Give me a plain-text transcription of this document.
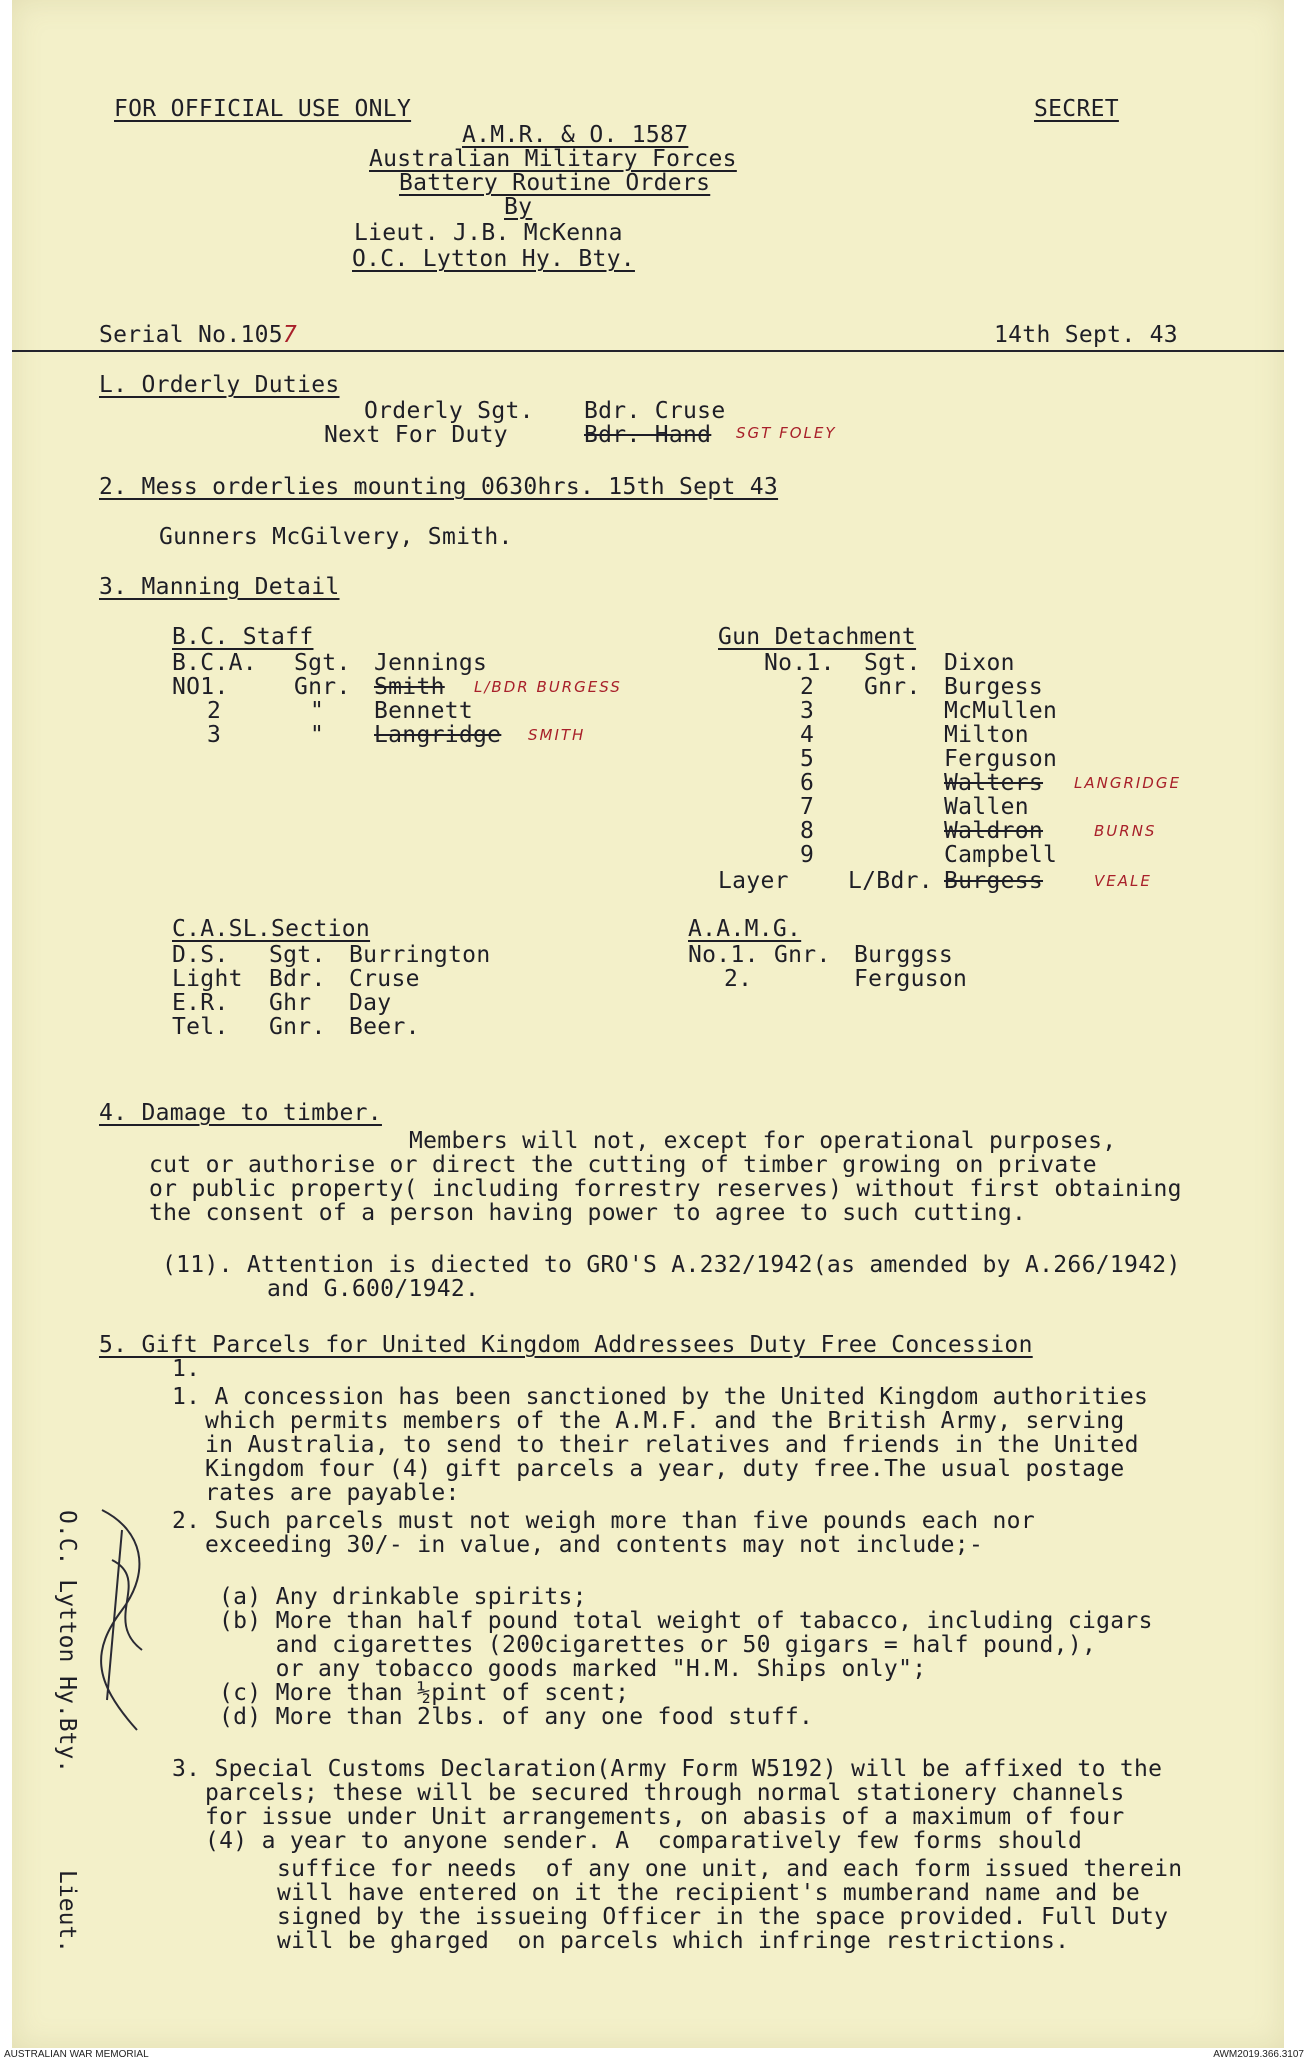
FOR OFFICIAL USE ONLY	SECRET
A.M.R. & O. 1587
Australian Military Forces
Battery Routine Orders
By
Lieut. J.B. McKenna
O.C. Lytton Hy. Bty.
Serial No.1057	14th Sept. 43
L. Orderly Duties
Orderly Sgt. Bdr. Cruse
Next For Duty	Bdr. Hand SGT FOLEY
2. Mess orderlies mounting 0630hrs. 15th Sept 43
Gunners McGilvery, Smith.
3. Manning Detail
B.C. Staff
B.C.A. Sgt. Jennings
NO1.	Gnr. Smith L/BDR BURGESS
2	" Bennett
3	" Langridge SMITH
Gun Detachment
No.1. Sgt. Dixon
2 Gnr. Burgess
3	McMullen
4	Milton
5	Ferguson
6	Walters LANGRIDGE
7	Wallen
8	Waldron	BURNS
9	Campbell
Layer	L/Bdr. Burgess	VEALE
C.A.SL.Section
D.S. Sgt. Burrington
Light Bdr. Cruse
E.R. Ghr Day
Tel. Gnr. Beer.
A.A.M.G.
No.1. Gnr. Burggss
2.	Ferguson
4. Damage to timber.
Members will not, except for operational purposes,
cut or authorise or direct the cutting of timber growing on private
or public property( including forrestry reserves) without first obtaining
the consent of a person having power to agree to such cutting.
(11). Attention is diected to GRO'S A.232/1942(as amended by A.266/1942)
and G.600/1942.
5. Gift Parcels for United Kingdom Addressees Duty Free Concession
1.
1. A concession has been sanctioned by the United Kingdom authorities
which permits members of the A.M.F. and the British Army, serving
in Australia, to send to their relatives and friends in the United
Kingdom four (4) gift parcels a year, duty free.The usual postage
rates are payable:
2. Such parcels must not weigh more than five pounds each nor
exceeding 30/- in value, and contents may not include;-
(a) Any drinkable spirits;
(b) More than half pound total weight of tabacco, including cigars
and cigarettes (200cigarettes or 50 gigars = half pound,),
or any tobacco goods marked "H.M. Ships only";
(c) More than ½pint of scent;
(d) More than 2lbs. of any one food stuff.
3. Special Customs Declaration(Army Form W5192) will be affixed to the
parcels; these will be secured through normal stationery channels
for issue under Unit arrangements, on abasis of a maximum of four
(4) a year to anyone sender. A  comparatively few forms should
suffice for needs  of any one unit, and each form issued therein
will have entered on it the recipient's mumberand name and be
signed by the issueing Officer in the space provided. Full Duty
will be gharged  on parcels which infringe restrictions.
O.C. Lytton Hy.Bty.       Lieut.
AUSTRALIAN WAR MEMORIAL	AWM2019.366.3107
